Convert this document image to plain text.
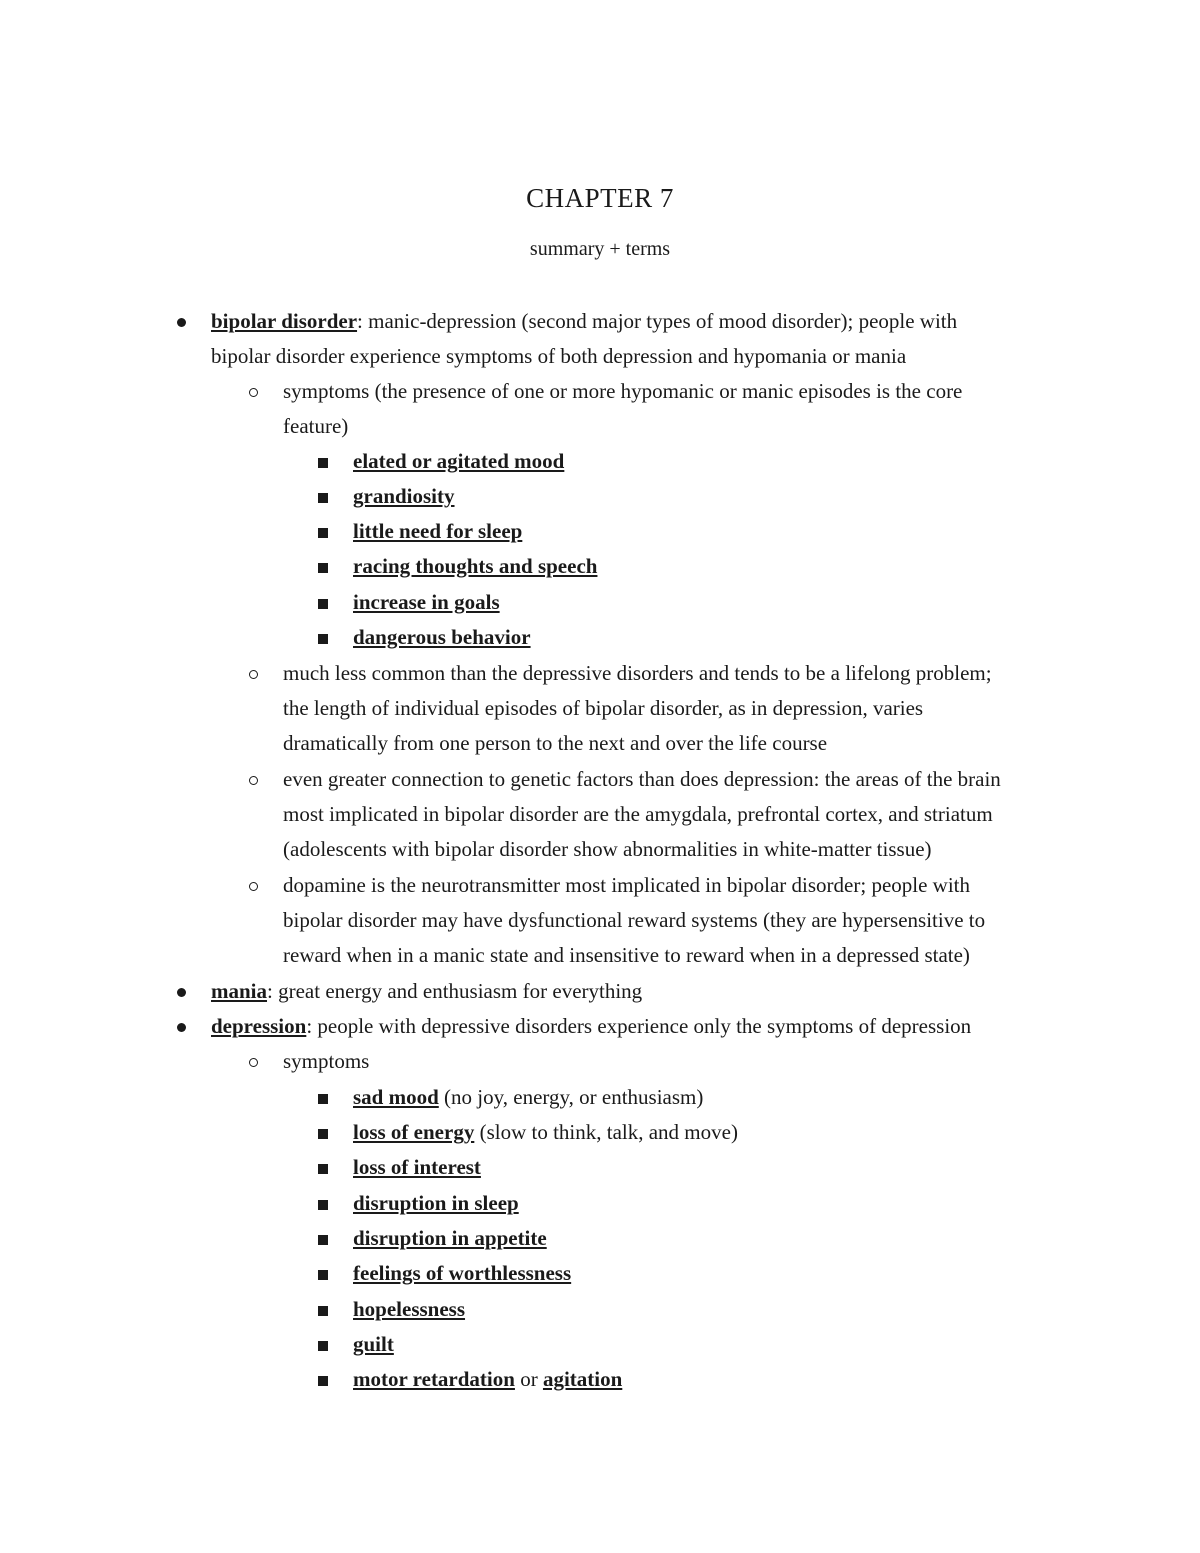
CHAPTER 7
summary + terms
bipolar disorder: manic-depression (second major types of mood disorder); people with
bipolar disorder experience symptoms of both depression and hypomania or mania
symptoms (the presence of one or more hypomanic or manic episodes is the core
feature)
elated or agitated mood
grandiosity
little need for sleep
racing thoughts and speech
increase in goals
dangerous behavior
much less common than the depressive disorders and tends to be a lifelong problem;
the length of individual episodes of bipolar disorder, as in depression, varies
dramatically from one person to the next and over the life course
even greater connection to genetic factors than does depression: the areas of the brain
most implicated in bipolar disorder are the amygdala, prefrontal cortex, and striatum
(adolescents with bipolar disorder show abnormalities in white-matter tissue)
dopamine is the neurotransmitter most implicated in bipolar disorder; people with
bipolar disorder may have dysfunctional reward systems (they are hypersensitive to
reward when in a manic state and insensitive to reward when in a depressed state)
mania: great energy and enthusiasm for everything
depression: people with depressive disorders experience only the symptoms of depression
symptoms
sad mood (no joy, energy, or enthusiasm)
loss of energy (slow to think, talk, and move)
loss of interest
disruption in sleep
disruption in appetite
feelings of worthlessness
hopelessness
guilt
motor retardation or agitation
